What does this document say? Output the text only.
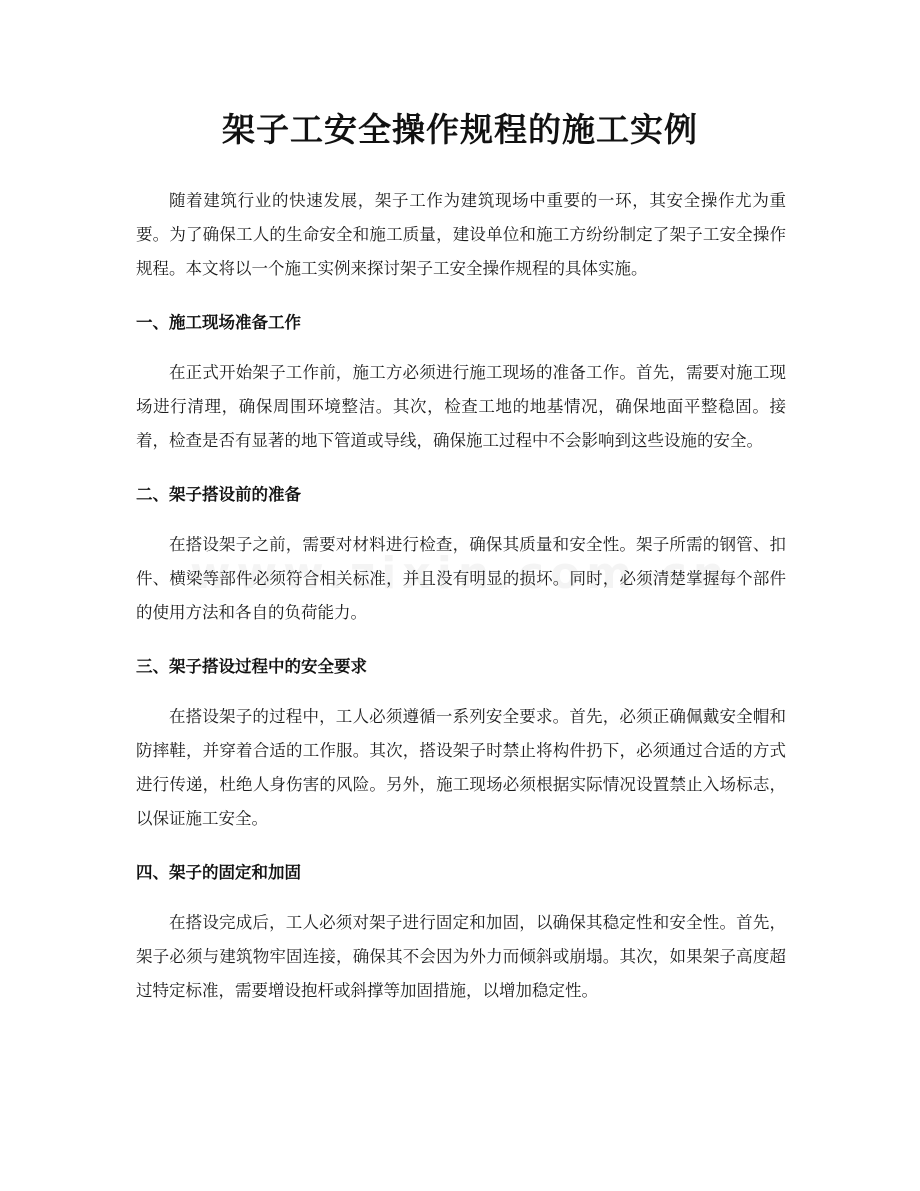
架子工安全操作规程的施工实例

随着建筑行业的快速发展，架子工作为建筑现场中重要的一环，其安全操作尤为重要。为了确保工人的生命安全和施工质量，建设单位和施工方纷纷制定了架子工安全操作规程。本文将以一个施工实例来探讨架子工安全操作规程的具体实施。

一、施工现场准备工作

在正式开始架子工作前，施工方必须进行施工现场的准备工作。首先，需要对施工现场进行清理，确保周围环境整洁。其次，检查工地的地基情况，确保地面平整稳固。接着，检查是否有显著的地下管道或导线，确保施工过程中不会影响到这些设施的安全。

二、架子搭设前的准备

在搭设架子之前，需要对材料进行检查，确保其质量和安全性。架子所需的钢管、扣件、横梁等部件必须符合相关标准，并且没有明显的损坏。同时，必须清楚掌握每个部件的使用方法和各自的负荷能力。

三、架子搭设过程中的安全要求

在搭设架子的过程中，工人必须遵循一系列安全要求。首先，必须正确佩戴安全帽和防摔鞋，并穿着合适的工作服。其次，搭设架子时禁止将构件扔下，必须通过合适的方式进行传递，杜绝人身伤害的风险。另外，施工现场必须根据实际情况设置禁止入场标志，以保证施工安全。

四、架子的固定和加固

在搭设完成后，工人必须对架子进行固定和加固，以确保其稳定性和安全性。首先，架子必须与建筑物牢固连接，确保其不会因为外力而倾斜或崩塌。其次，如果架子高度超过特定标准，需要增设抱杆或斜撑等加固措施，以增加稳定性。
